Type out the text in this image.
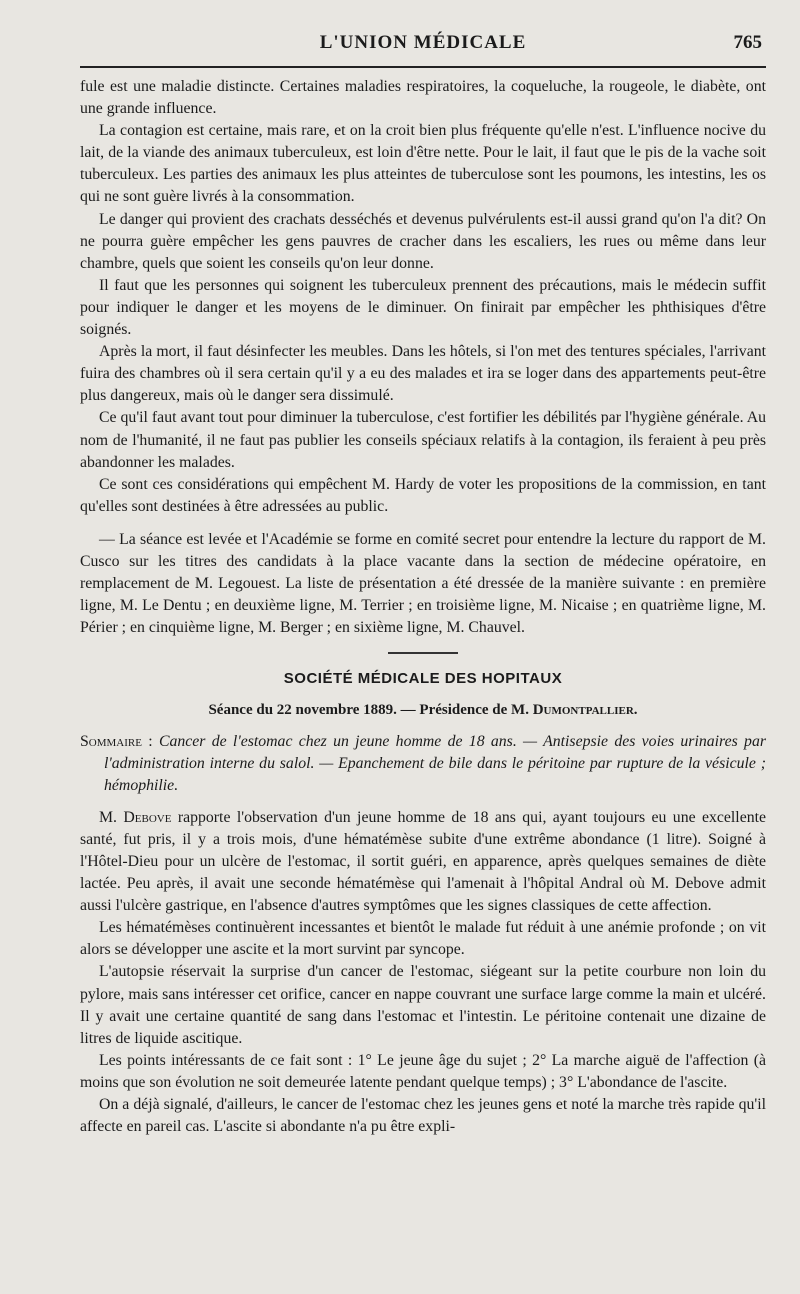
L'UNION MÉDICALE	765

fule est une maladie distincte. Certaines maladies respiratoires, la coqueluche, la rougeole, le diabète, ont une grande influence.

La contagion est certaine, mais rare, et on la croit bien plus fréquente qu'elle n'est. L'influence nocive du lait, de la viande des animaux tuberculeux, est loin d'être nette. Pour le lait, il faut que le pis de la vache soit tuberculeux. Les parties des animaux les plus atteintes de tuberculose sont les poumons, les intestins, les os qui ne sont guère livrés à la consommation.

Le danger qui provient des crachats desséchés et devenus pulvérulents est-il aussi grand qu'on l'a dit? On ne pourra guère empêcher les gens pauvres de cracher dans les escaliers, les rues ou même dans leur chambre, quels que soient les conseils qu'on leur donne.

Il faut que les personnes qui soignent les tuberculeux prennent des précautions, mais le médecin suffit pour indiquer le danger et les moyens de le diminuer. On finirait par empêcher les phthisiques d'être soignés.

Après la mort, il faut désinfecter les meubles. Dans les hôtels, si l'on met des tentures spéciales, l'arrivant fuira des chambres où il sera certain qu'il y a eu des malades et ira se loger dans des appartements peut-être plus dangereux, mais où le danger sera dissimulé.

Ce qu'il faut avant tout pour diminuer la tuberculose, c'est fortifier les débilités par l'hygiène générale. Au nom de l'humanité, il ne faut pas publier les conseils spéciaux relatifs à la contagion, ils feraient à peu près abandonner les malades.

Ce sont ces considérations qui empêchent M. Hardy de voter les propositions de la commission, en tant qu'elles sont destinées à être adressées au public.

— La séance est levée et l'Académie se forme en comité secret pour entendre la lecture du rapport de M. Cusco sur les titres des candidats à la place vacante dans la section de médecine opératoire, en remplacement de M. Legouest. La liste de présentation a été dressée de la manière suivante : en première ligne, M. Le Dentu ; en deuxième ligne, M. Terrier ; en troisième ligne, M. Nicaise ; en quatrième ligne, M. Périer ; en cinquième ligne, M. Berger ; en sixième ligne, M. Chauvel.

SOCIÉTÉ MÉDICALE DES HOPITAUX
Séance du 22 novembre 1889. — Présidence de M. Dumontpallier.

Sommaire : Cancer de l'estomac chez un jeune homme de 18 ans. — Antisepsie des voies urinaires par l'administration interne du salol. — Epanchement de bile dans le péritoine par rupture de la vésicule ; hémophilie.

M. Debove rapporte l'observation d'un jeune homme de 18 ans qui, ayant toujours eu une excellente santé, fut pris, il y a trois mois, d'une hématémèse subite d'une extrême abondance (1 litre). Soigné à l'Hôtel-Dieu pour un ulcère de l'estomac, il sortit guéri, en apparence, après quelques semaines de diète lactée. Peu après, il avait une seconde hématémèse qui l'amenait à l'hôpital Andral où M. Debove admit aussi l'ulcère gastrique, en l'absence d'autres symptômes que les signes classiques de cette affection.

Les hématémèses continuèrent incessantes et bientôt le malade fut réduit à une anémie profonde ; on vit alors se développer une ascite et la mort survint par syncope.

L'autopsie réservait la surprise d'un cancer de l'estomac, siégeant sur la petite courbure non loin du pylore, mais sans intéresser cet orifice, cancer en nappe couvrant une surface large comme la main et ulcéré. Il y avait une certaine quantité de sang dans l'estomac et l'intestin. Le péritoine contenait une dizaine de litres de liquide ascitique.

Les points intéressants de ce fait sont : 1° Le jeune âge du sujet ; 2° La marche aiguë de l'affection (à moins que son évolution ne soit demeurée latente pendant quelque temps) ; 3° L'abondance de l'ascite.

On a déjà signalé, d'ailleurs, le cancer de l'estomac chez les jeunes gens et noté la marche très rapide qu'il affecte en pareil cas. L'ascite si abondante n'a pu être expli-
